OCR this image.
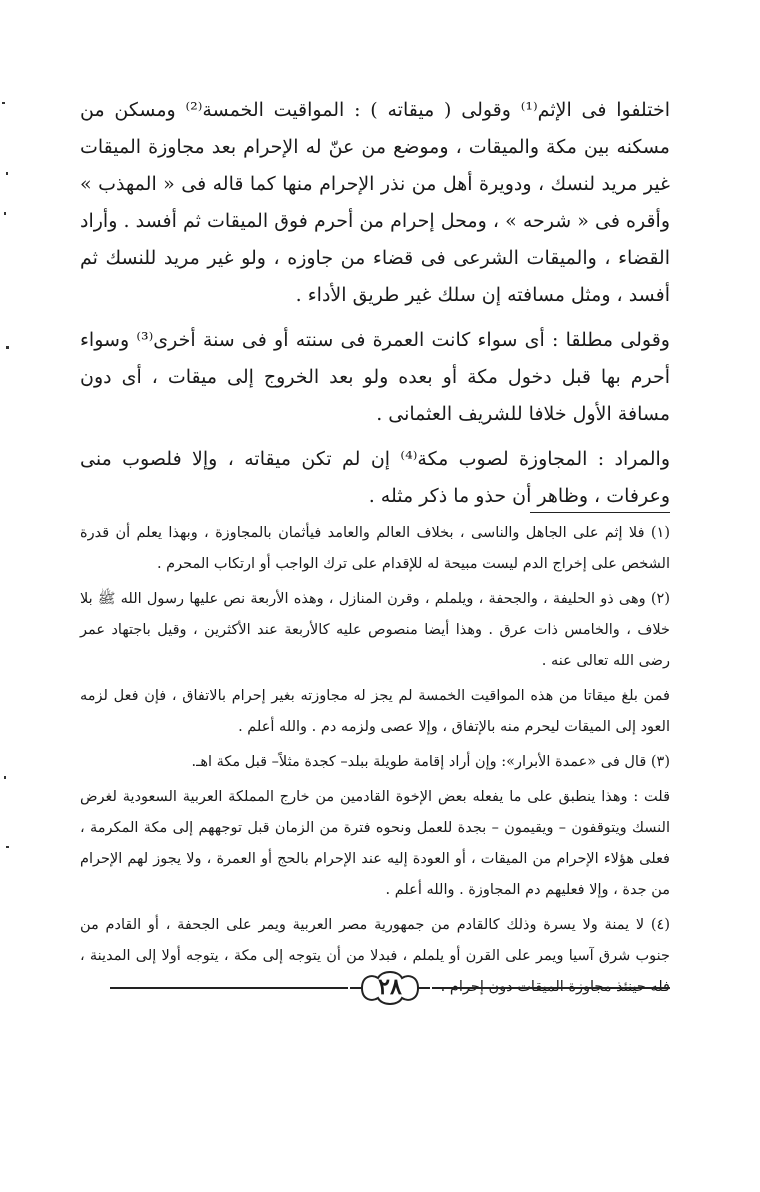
اختلفوا فى الإثم⁽¹⁾ وقولى ( ميقاته ) : المواقيت الخمسة⁽²⁾ ومسكن من مسكنه بين مكة والميقات ، وموضع من عنّ له الإحرام بعد مجاوزة الميقات غير مريد لنسك ، ودويرة أهل من نذر الإحرام منها كما قاله فى « المهذب » وأقره فى « شرحه » ، ومحل إحرام من أحرم فوق الميقات ثم أفسد . وأراد القضاء ، والميقات الشرعى فى قضاء من جاوزه ، ولو غير مريد للنسك ثم أفسد ، ومثل مسافته إن سلك غير طريق الأداء .

وقولى مطلقا : أى سواء كانت العمرة فى سنته أو فى سنة أخرى⁽³⁾ وسواء أحرم بها قبل دخول مكة أو بعده ولو بعد الخروج إلى ميقات ، أى دون مسافة الأول خلافا للشريف العثمانى .

والمراد : المجاوزة لصوب مكة⁽⁴⁾ إن لم تكن ميقاته ، وإلا فلصوب منى وعرفات ، وظاهر أن حذو ما ذكر مثله .

(١) فلا إثم على الجاهل والناسى ، بخلاف العالم والعامد فيأثمان بالمجاوزة ، وبهذا يعلم أن قدرة الشخص على إخراج الدم ليست مبيحة له للإقدام على ترك الواجب أو ارتكاب المحرم .

(٢) وهى ذو الحليفة ، والجحفة ، ويلملم ، وقرن المنازل ، وهذه الأربعة نص عليها رسول الله ﷺ بلا خلاف ، والخامس ذات عرق . وهذا أيضا منصوص عليه كالأربعة عند الأكثرين ، وقيل باجتهاد عمر رضى الله تعالى عنه .

فمن بلغ ميقاتا من هذه المواقيت الخمسة لم يجز له مجاوزته بغير إحرام بالاتفاق ، فإن فعل لزمه العود إلى الميقات ليحرم منه بالإتفاق ، وإلا عصى ولزمه دم . والله أعلم .

(٣) قال فى «عمدة الأبرار»: وإن أراد إقامة طويلة ببلد– كجدة مثلاً– قبل مكة اهـ.

قلت : وهذا ينطبق على ما يفعله بعض الإخوة القادمين من خارج المملكة العربية السعودية لغرض النسك ويتوقفون – ويقيمون – بجدة للعمل ونحوه فترة من الزمان قبل توجههم إلى مكة المكرمة ، فعلى هؤلاء الإحرام من الميقات ، أو العودة إليه عند الإحرام بالحج أو العمرة ، ولا يجوز لهم الإحرام من جدة ، وإلا فعليهم دم المجاوزة . والله أعلم .

(٤) لا يمنة ولا يسرة وذلك كالقادم من جمهورية مصر العربية ويمر على الجحفة ، أو القادم من جنوب شرق آسيا ويمر على القرن أو يلملم ، فبدلا من أن يتوجه إلى مكة ، يتوجه أولا إلى المدينة ، فله حينئذ مجاوزة الميقات دون إحرام .

٢٨
